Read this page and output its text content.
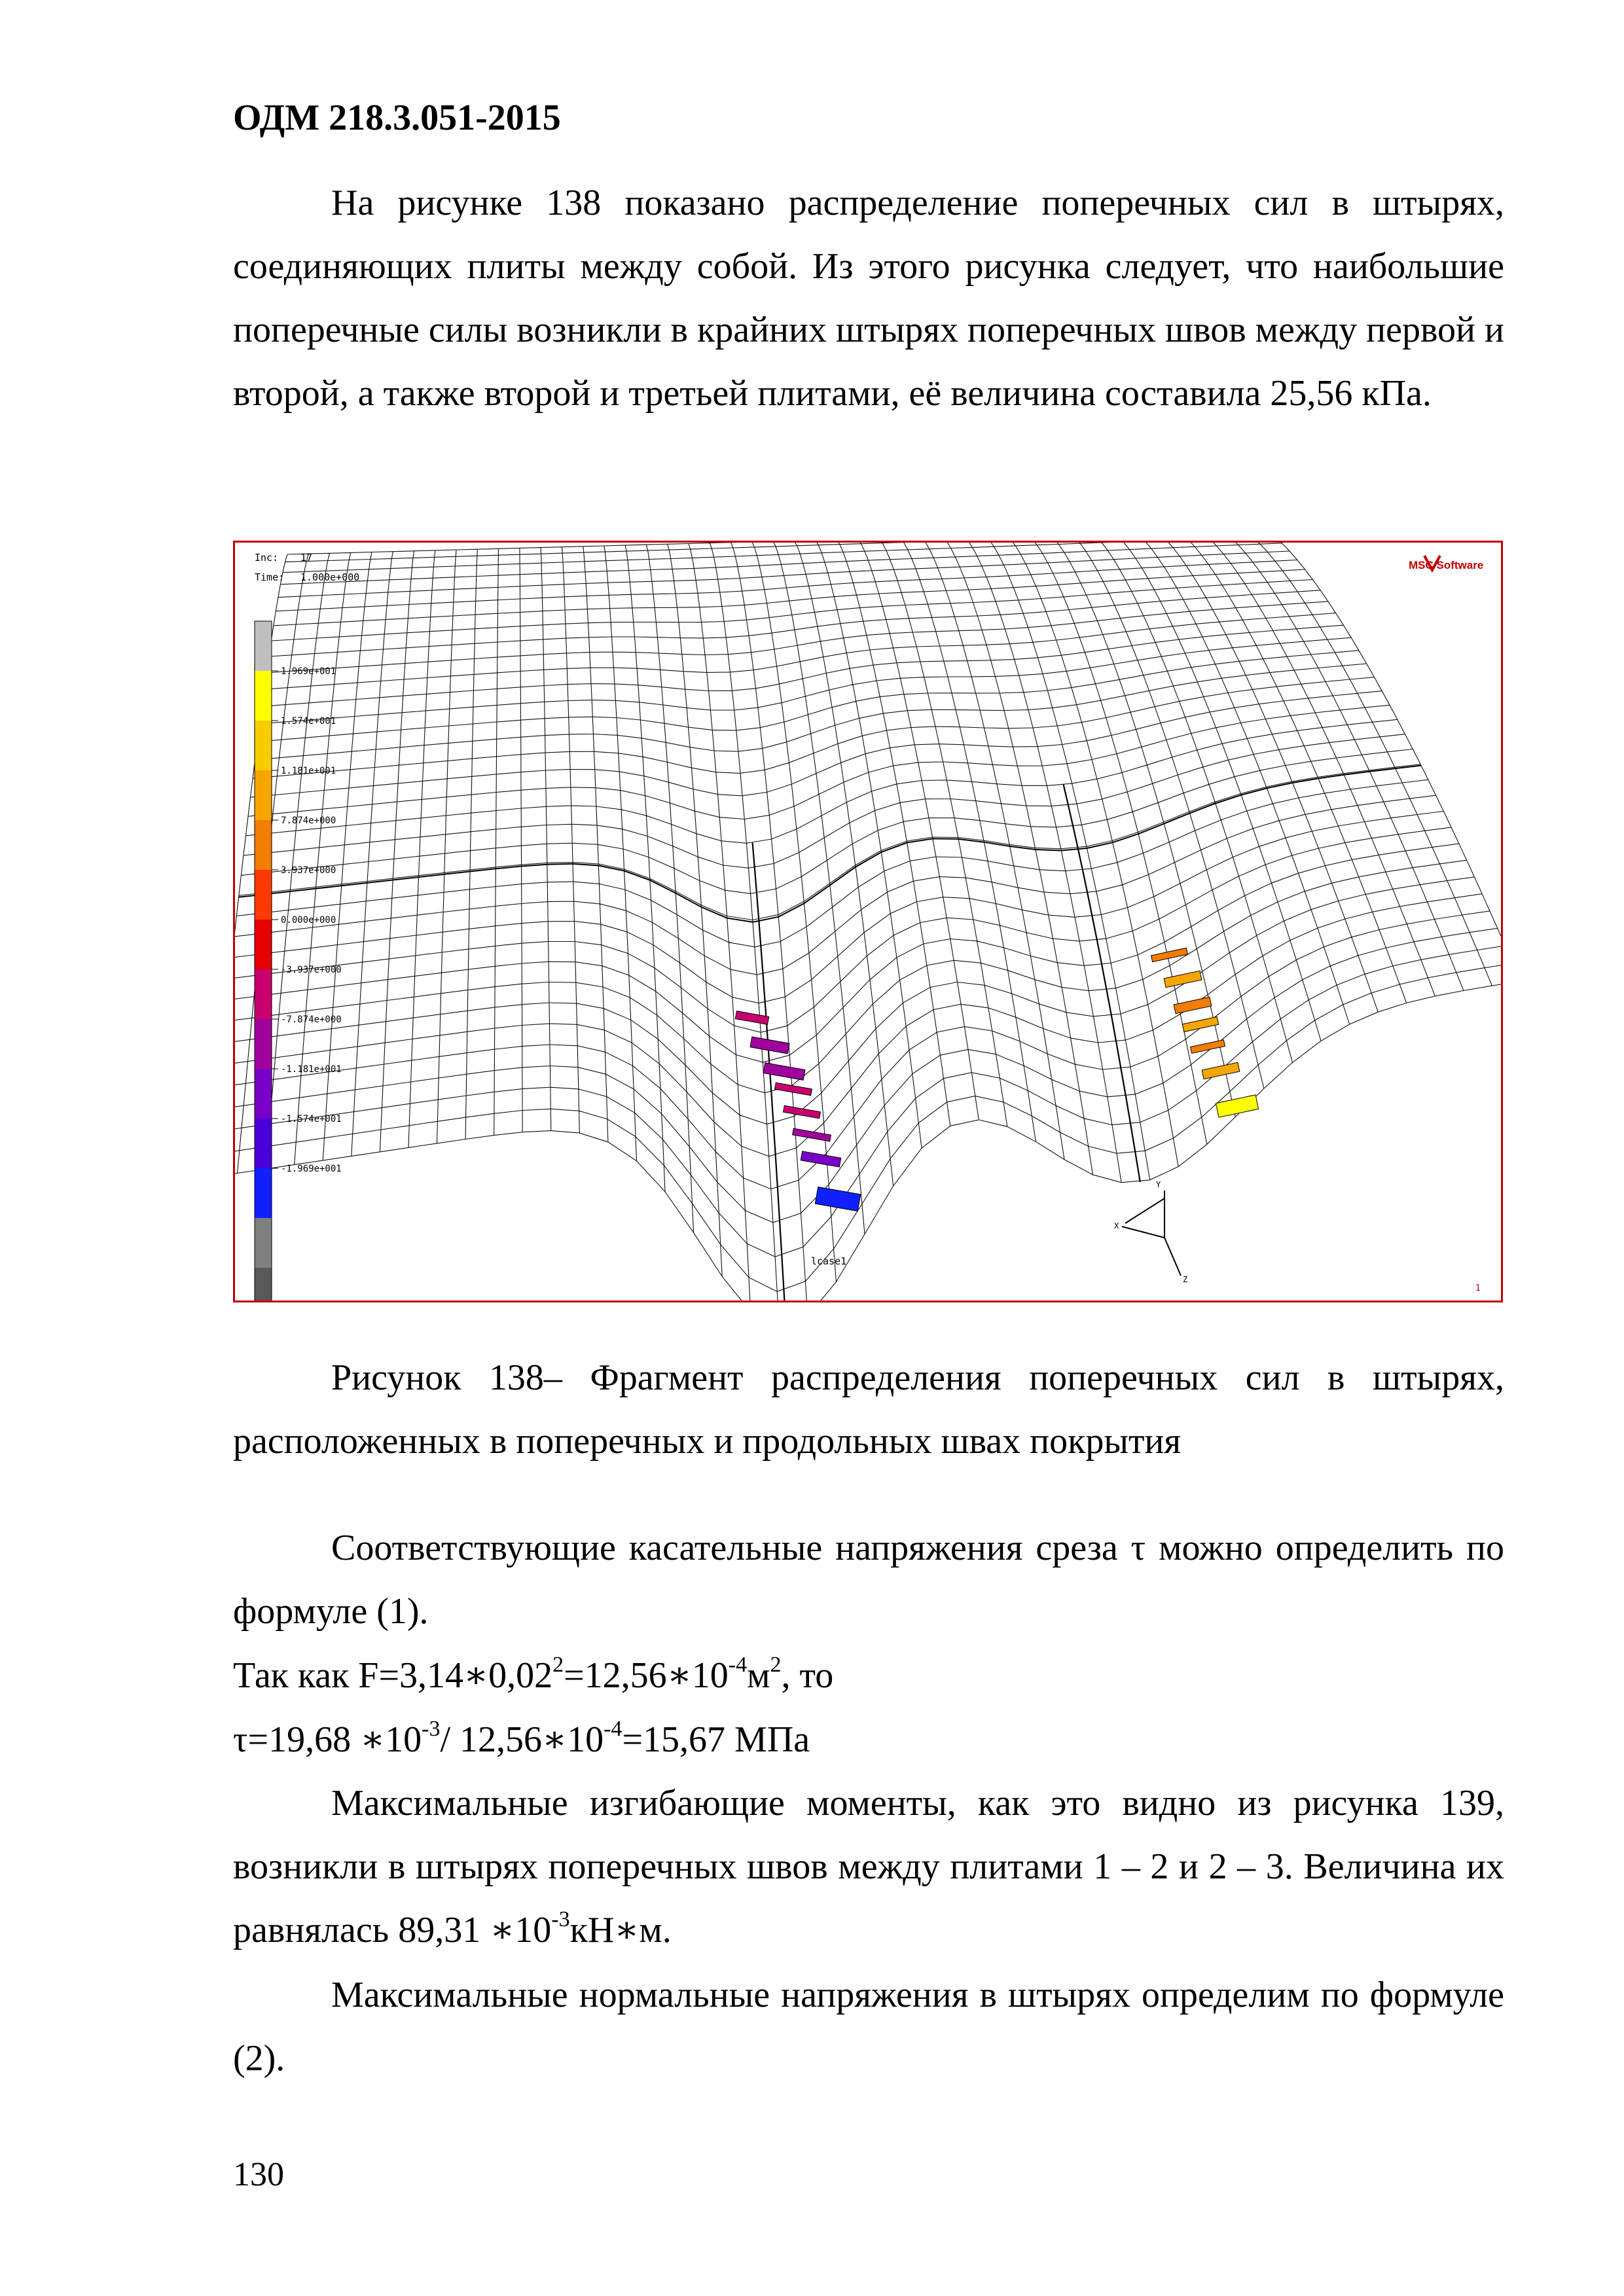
ОДМ 218.3.051-2015

На рисунке 138 показано распределение поперечных сил в штырях, соединяющих плиты между собой. Из этого рисунка следует, что наибольшие поперечные силы возникли в крайних штырях поперечных швов между первой и второй, а также второй и третьей плитами, её величина составила 25,56 кПа.

Inc: 17
Time: 1.000e+000
MSC Software
1.969e+001
1.574e+001
1.181e+001
7.874e+000
3.937e+000
0.000e+000
-3.937e+000
-7.874e+000
-1.181e+001
-1.574e+001
-1.969e+001
Y
X
Z
lcase1
1

Рисунок 138– Фрагмент распределения поперечных сил в штырях, расположенных в поперечных и продольных швах покрытия

Соответствующие касательные напряжения среза τ можно определить по формуле (1).

Так как $F=3,14∗0,02^2=12,56∗10^{-4}м^2$, то
τ=19,68 $∗10^{-3}/$ $12,56∗10^{-4}=15,67$ МПа

Максимальные изгибающие моменты, как это видно из рисунка 139, возникли в штырях поперечных швов между плитами 1 – 2 и 2 – 3. Величина их равнялась 89,31 $∗10^{-3}кН∗м$.

Максимальные нормальные напряжения в штырях определим по формуле (2).

130
